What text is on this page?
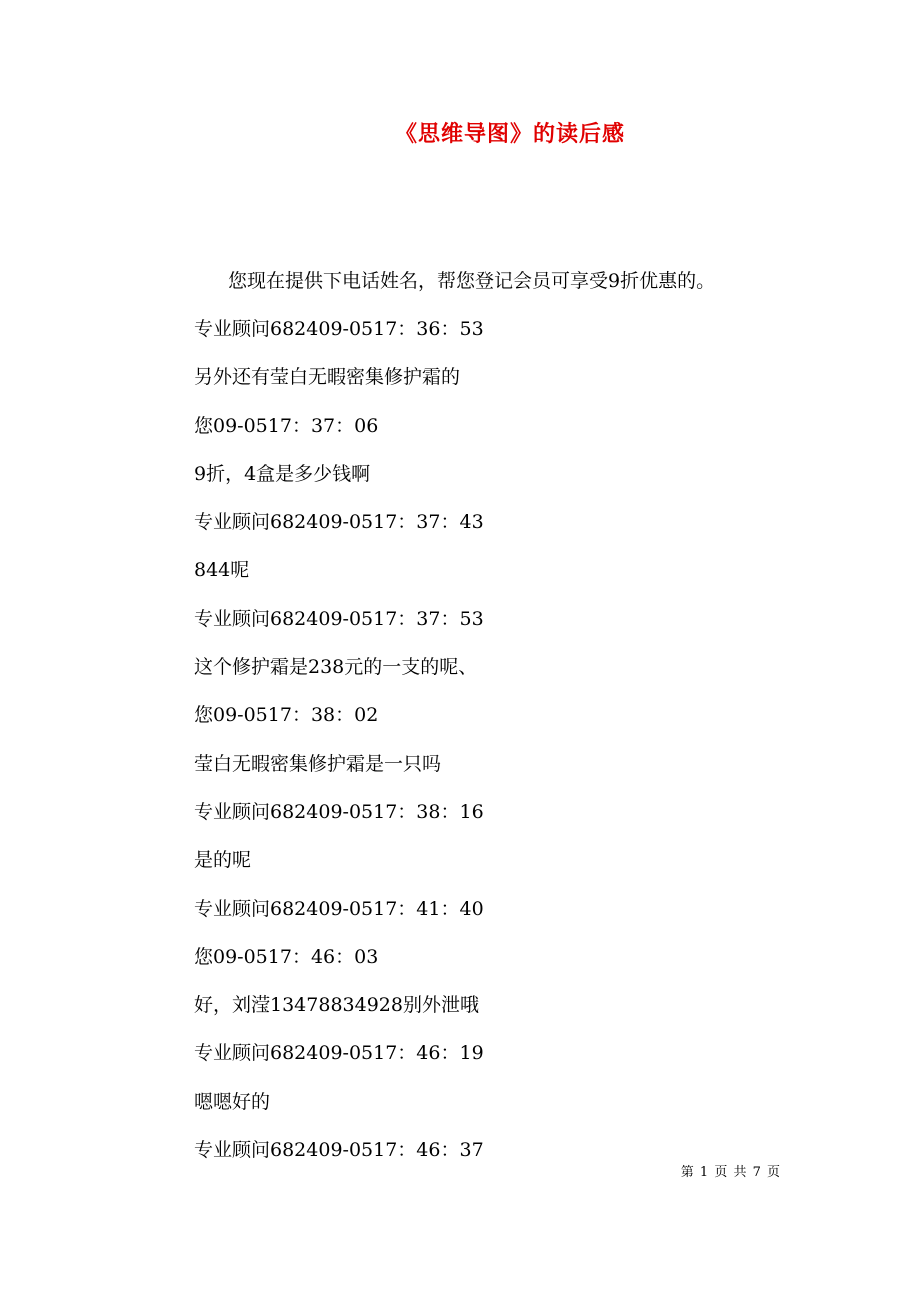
《思维导图》的读后感

您现在提供下电话姓名，帮您登记会员可享受9折优惠的。

专业顾问682409-0517：36：53
另外还有莹白无暇密集修护霜的
您09-0517：37：06
9折，4盒是多少钱啊
专业顾问682409-0517：37：43
844呢
专业顾问682409-0517：37：53
这个修护霜是238元的一支的呢、
您09-0517：38：02
莹白无暇密集修护霜是一只吗
专业顾问682409-0517：38：16
是的呢
专业顾问682409-0517：41：40
您09-0517：46：03
好，刘滢13478834928别外泄哦
专业顾问682409-0517：46：19
嗯嗯好的
专业顾问682409-0517：46：37
第 1 页 共 7 页
